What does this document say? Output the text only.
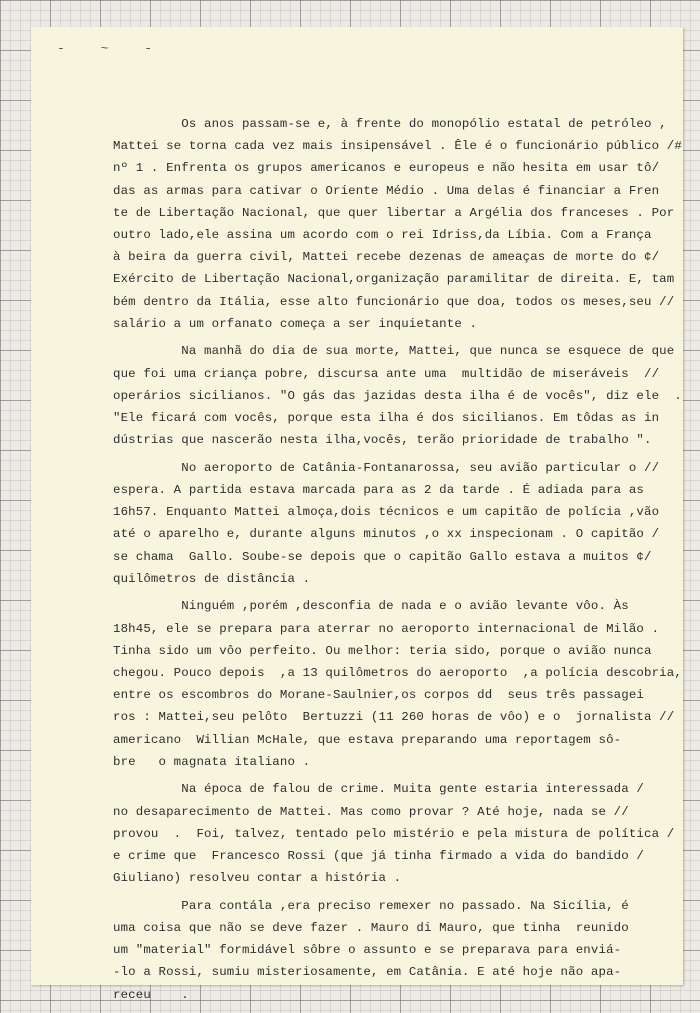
- ~ -
Os anos passam-se e, à frente do monopólio estatal de petróleo ,
Mattei se torna cada vez mais insipensável . Êle é o funcionário público /#
nº 1 . Enfrenta os grupos americanos e europeus e não hesita em usar tô/
das as armas para cativar o Oriente Médio . Uma delas é financiar a Fren
te de Libertação Nacional, que quer libertar a Argélia dos franceses . Por
outro lado,ele assina um acordo com o rei Idriss,da Líbia. Com a França
à beira da guerra civil, Mattei recebe dezenas de ameaças de morte do ¢/
Exército de Libertação Nacional,organização paramilitar de direita. E, tam
bém dentro da Itália, esse alto funcionário que doa, todos os meses,seu //
salário a um orfanato começa a ser inquietante .
Na manhã do dia de sua morte, Mattei, que nunca se esquece de que
que foi uma criança pobre, discursa ante uma  multidão de miseráveis  //
operários sicilianos. "O gás das jazidas desta ilha é de vocês", diz ele  .
"Ele ficará com vocês, porque esta ilha é dos sicilianos. Em tôdas as in
dústrias que nascerão nesta ilha,vocês, terão prioridade de trabalho ".
No aeroporto de Catânia-Fontanarossa, seu avião particular o //
espera. A partida estava marcada para as 2 da tarde . É adiada para as
16h57. Enquanto Mattei almoça,dois técnicos e um capitão de polícia ,vão
até o aparelho e, durante alguns minutos ,o xx inspecionam . O capitão /
se chama  Gallo. Soube-se depois que o capitão Gallo estava a muitos ¢/
quilômetros de distância .
Ninguém ,porém ,desconfia de nada e o avião levante vôo. Às
18h45, ele se prepara para aterrar no aeroporto internacional de Milão .
Tinha sido um vôo perfeito. Ou melhor: teria sido, porque o avião nunca
chegou. Pouco depois  ,a 13 quilômetros do aeroporto  ,a polícia descobria,
entre os escombros do Morane-Saulnier,os corpos dd  seus três passagei
ros : Mattei,seu pelôto  Bertuzzi (11 260 horas de vôo) e o  jornalista //
americano  Willian McHale, que estava preparando uma reportagem sô-
bre   o magnata italiano .
Na época de falou de crime. Muita gente estaria interessada /
no desaparecimento de Mattei. Mas como provar ? Até hoje, nada se //
provou  .  Foi, talvez, tentado pelo mistério e pela mistura de política /
e crime que  Francesco Rossi (que já tinha firmado a vida do bandido /
Giuliano) resolveu contar a história .
Para contála ,era preciso remexer no passado. Na Sicília, é
uma coisa que não se deve fazer . Mauro di Mauro, que tinha  reunido
um "material" formidável sôbre o assunto e se preparava para enviá-
-lo a Rossi, sumiu misteriosamente, em Catânia. E até hoje não apa-
receu    .
